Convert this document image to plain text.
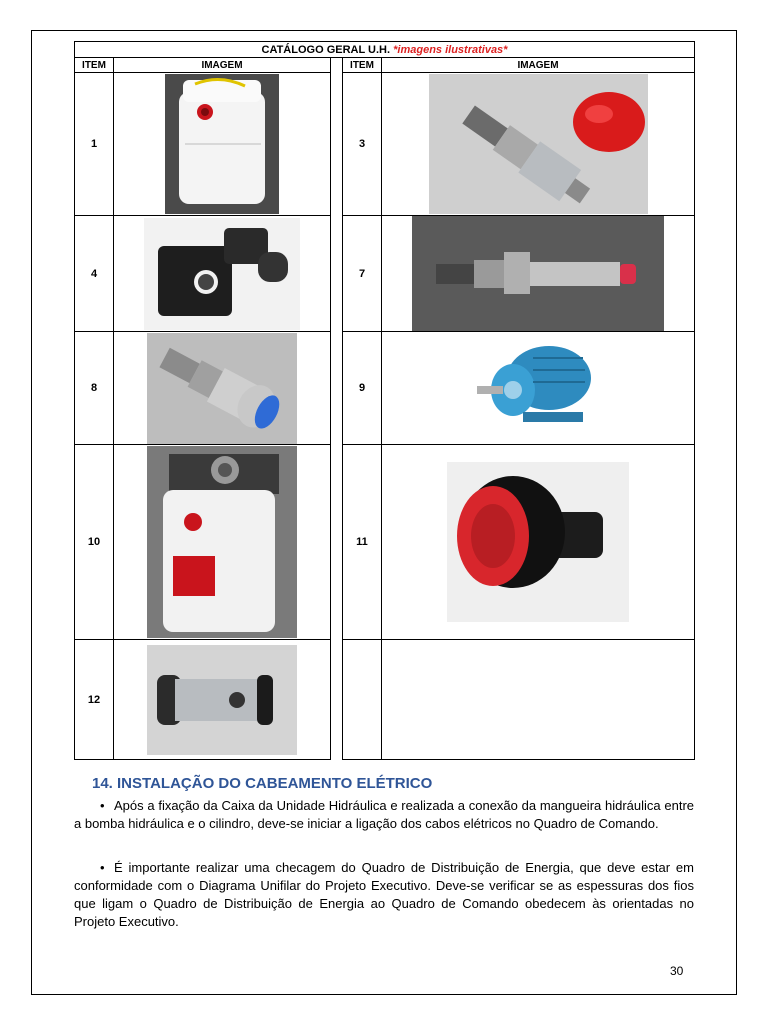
CATÁLOGO GERAL U.H. *imagens ilustrativas*				
ITEM	IMAGEM		ITEM	IMAGEM
1			3	

4			7	

8			9	

10			11	

12	

14. INSTALAÇÃO DO CABEAMENTO ELÉTRICO

• Após a fixação da Caixa da Unidade Hidráulica e realizada a conexão da mangueira hidráulica entre a bomba hidráulica e o cilindro, deve-se iniciar a ligação dos cabos elétricos no Quadro de Comando.

• É importante realizar uma checagem do Quadro de Distribuição de Energia, que deve estar em conformidade com o Diagrama Unifilar do Projeto Executivo. Deve-se verificar se as espessuras dos fios que ligam o Quadro de Distribuição de Energia ao Quadro de Comando obedecem às orientadas no Projeto Executivo.

30
